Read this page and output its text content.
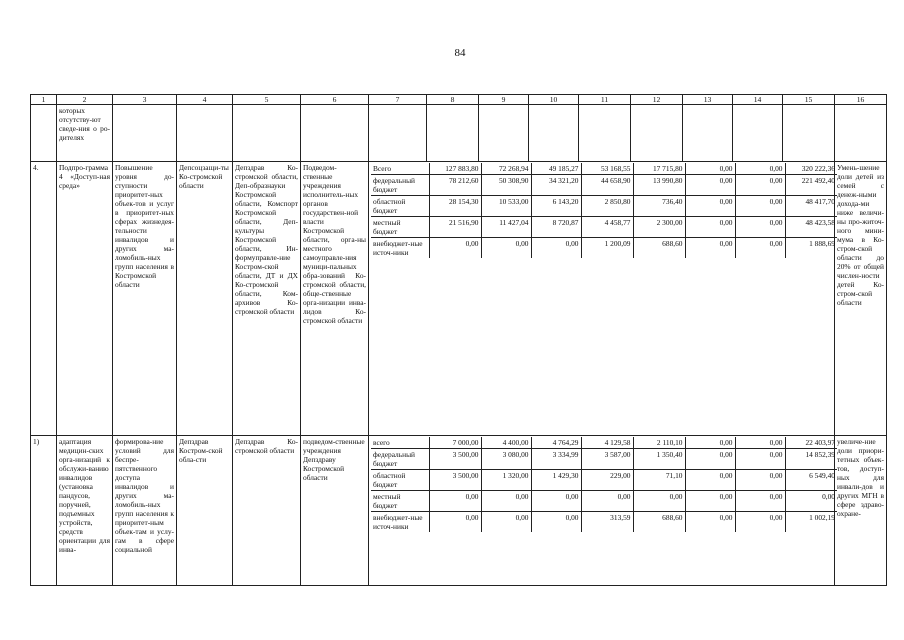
84
1	2	3	4	5	6	7	8	9	10	11	12	13	14	15	16
	которых отсутству-ют сведе-ния о ро-дителях														
4.	Подпро-грамма 4 «Доступ-ная среда»	Повышение уровня до-ступности приоритет-ных объек-тов и услуг в приоритет-ных сферах жизнедея-тельности инвалидов и других ма-ломобиль-ных групп населения в Костромской области	Депсоцзащи-ты Ко-стромской области	Депздрав Ко-стромской области, Деп-образнауки Костромской области, Комспорт Костромской области, Деп-культуры Костромской области, Ин-формуправле-ние Костром-ской области, ДТ и ДХ Ко-стромской области, Ком-архивов Ко-стромской области	Подведом-ственные учреждения исполнитель-ных органов государствен-ной власти Костромской области, орга-ны местного самоуправле-ния муници-пальных обра-зований Ко-стромской области, обще-ственные орга-низации инва-лидов Ко-стромской области	
Всего	127 883,80	72 268,94	49 185,27	53 168,55	17 715,80	0,00	0,00	320 222,36
федеральный бюджет	78 212,60	50 308,90	34 321,20	44 658,90	13 990,80	0,00	0,00	221 492,40
областной бюджет	28 154,30	10 533,00	6 143,20	2 850,80	736,40	0,00	0,00	48 417,70
местный бюджет	21 516,90	11 427,04	8 720,87	4 458,77	2 300,00	0,00	0,00	48 423,58
внебюджет-ные источ-ники	0,00	0,00	0,00	1 200,09	688,60	0,00	0,00	1 888,69
	Умень-шение доли детей из семей с денеж-ными дохода-ми ниже величи-ны про-житоч-ного мини-мума в Ко-стром-ской области до 20% от общей числен-ности детей Ко-стром-ской области
1)	адаптация медицин-ских орга-низаций к обслужи-ванию инвалидов (установка пандусов, поручней, подъемных устройств, средств ориентации для инва-	формирова-ние условий для беспре-пятственного доступа инвалидов и других ма-ломобиль-ных групп населения к приоритет-ным объек-там и услу-гам в сфере социальной	Депздрав Костром-ской обла-сти	Депздрав Ко-стромской области	подведом-ственные учреждения Депздраву Костромской области	
всего	7 000,00	4 400,00	4 764,29	4 129,58	2 110,10	0,00	0,00	22 403,97
федеральный бюджет	3 500,00	3 080,00	3 334,99	3 587,00	1 350,40	0,00	0,00	14 852,39
областной бюджет	3 500,00	1 320,00	1 429,30	229,00	71,10	0,00	0,00	6 549,40
местный бюджет	0,00	0,00	0,00	0,00	0,00	0,00	0,00	0,00
внебюджет-ные источ-ники	0,00	0,00	0,00	313,59	688,60	0,00	0,00	1 002,19
	увеличе-ние доли приори-тетных объек-тов, доступ-ных для инвали-дов и других МГН в сфере здраво-охране-
